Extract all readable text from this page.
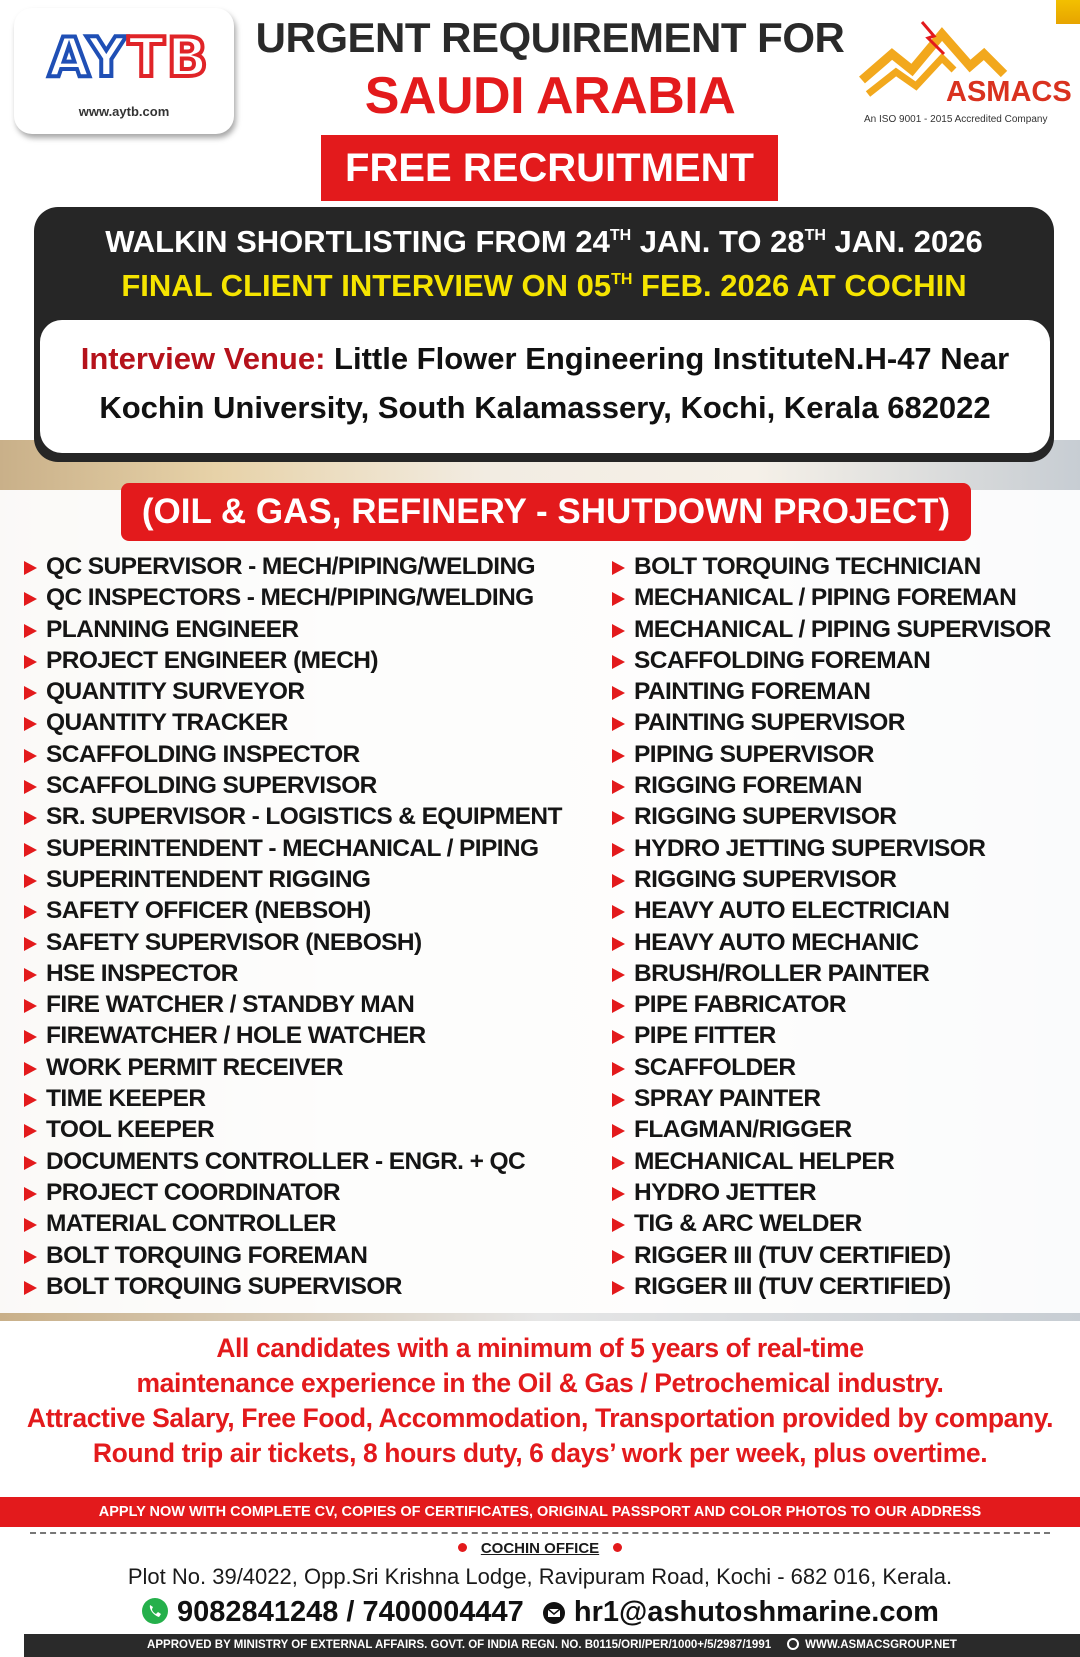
AYTB
www.aytb.com
URGENT REQUIREMENT FOR
SAUDI ARABIA
FREE RECRUITMENT
ASMACS
An ISO 9001 - 2015 Accredited Company
WALKIN SHORTLISTING FROM 24TH JAN. TO 28TH JAN. 2026
FINAL CLIENT INTERVIEW ON 05TH FEB. 2026 AT COCHIN
Interview Venue: Little Flower Engineering InstituteN.H-47 Near Kochin University, South Kalamassery, Kochi, Kerala 682022
(OIL & GAS, REFINERY - SHUTDOWN PROJECT)
QC SUPERVISOR - MECH/PIPING/WELDING
QC INSPECTORS - MECH/PIPING/WELDING
PLANNING ENGINEER
PROJECT ENGINEER (MECH)
QUANTITY SURVEYOR
QUANTITY TRACKER
SCAFFOLDING INSPECTOR
SCAFFOLDING SUPERVISOR
SR. SUPERVISOR - LOGISTICS & EQUIPMENT
SUPERINTENDENT - MECHANICAL / PIPING
SUPERINTENDENT RIGGING
SAFETY OFFICER (NEBSOH)
SAFETY SUPERVISOR (NEBOSH)
HSE INSPECTOR
FIRE WATCHER / STANDBY MAN
FIREWATCHER / HOLE WATCHER
WORK PERMIT RECEIVER
TIME KEEPER
TOOL KEEPER
DOCUMENTS CONTROLLER - ENGR. + QC
PROJECT COORDINATOR
MATERIAL CONTROLLER
BOLT TORQUING FOREMAN
BOLT TORQUING SUPERVISOR
BOLT TORQUING TECHNICIAN
MECHANICAL / PIPING FOREMAN
MECHANICAL / PIPING SUPERVISOR
SCAFFOLDING FOREMAN
PAINTING FOREMAN
PAINTING SUPERVISOR
PIPING SUPERVISOR
RIGGING FOREMAN
RIGGING SUPERVISOR
HYDRO JETTING SUPERVISOR
RIGGING SUPERVISOR
HEAVY AUTO ELECTRICIAN
HEAVY AUTO MECHANIC
BRUSH/ROLLER PAINTER
PIPE FABRICATOR
PIPE FITTER
SCAFFOLDER
SPRAY PAINTER
FLAGMAN/RIGGER
MECHANICAL HELPER
HYDRO JETTER
TIG & ARC WELDER
RIGGER III (TUV CERTIFIED)
RIGGER III (TUV CERTIFIED)
All candidates with a minimum of 5 years of real-time
maintenance experience in the Oil & Gas / Petrochemical industry.
Attractive Salary, Free Food, Accommodation, Transportation provided by company.
Round trip air tickets, 8 hours duty, 6 days’ work per week, plus overtime.
APPLY NOW WITH COMPLETE CV, COPIES OF CERTIFICATES, ORIGINAL PASSPORT AND COLOR PHOTOS TO OUR ADDRESS
COCHIN OFFICE
Plot No. 39/4022, Opp.Sri Krishna Lodge, Ravipuram Road, Kochi - 682 016, Kerala.
9082841248 / 7400004447 hr1@ashutoshmarine.com
APPROVED BY MINISTRY OF EXTERNAL AFFAIRS. GOVT. OF INDIA REGN. NO. B0115/ORI/PER/1000+/5/2987/1991	WWW.ASMACSGROUP.NET
